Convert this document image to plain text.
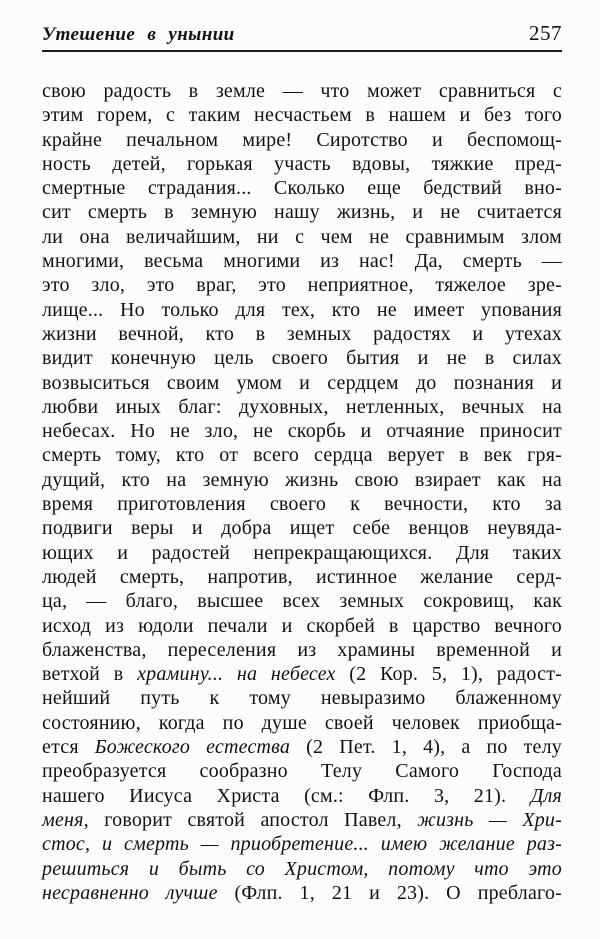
Утешение в унынии	257
свою радость в земле — что может сравниться с
этим горем, с таким несчастьем в нашем и без того
крайне печальном мире! Сиротство и беспомощ-
ность детей, горькая участь вдовы, тяжкие пред-
смертные страдания... Сколько еще бедствий вно-
сит смерть в земную нашу жизнь, и не считается
ли она величайшим, ни с чем не сравнимым злом
многими, весьма многими из нас! Да, смерть —
это зло, это враг, это неприятное, тяжелое зре-
лище... Но только для тех, кто не имеет упования
жизни вечной, кто в земных радостях и утехах
видит конечную цель своего бытия и не в силах
возвыситься своим умом и сердцем до познания и
любви иных благ: духовных, нетленных, вечных на
небесах. Но не зло, не скорбь и отчаяние приносит
смерть тому, кто от всего сердца верует в век гря-
дущий, кто на земную жизнь свою взирает как на
время приготовления своего к вечности, кто за
подвиги веры и добра ищет себе венцов неувяда-
ющих и радостей непрекращающихся. Для таких
людей смерть, напротив, истинное желание серд-
ца, — благо, высшее всех земных сокровищ, как
исход из юдоли печали и скорбей в царство вечного
блаженства, переселения из храмины временной и
ветхой в храмину... на небесех (2 Кор. 5, 1), радост-
нейший путь к тому невыразимо блаженному
состоянию, когда по душе своей человек приобща-
ется Божеского естества (2 Пет. 1, 4), а по телу
преобразуется сообразно Телу Самого Господа
нашего Иисуса Христа (см.: Флп. 3, 21). Для
меня, говорит святой апостол Павел, жизнь — Хри-
стос, и смерть — приобретение... имею желание раз-
решиться и быть со Христом, потому что это
несравненно лучше (Флп. 1, 21 и 23). О преблаго-
